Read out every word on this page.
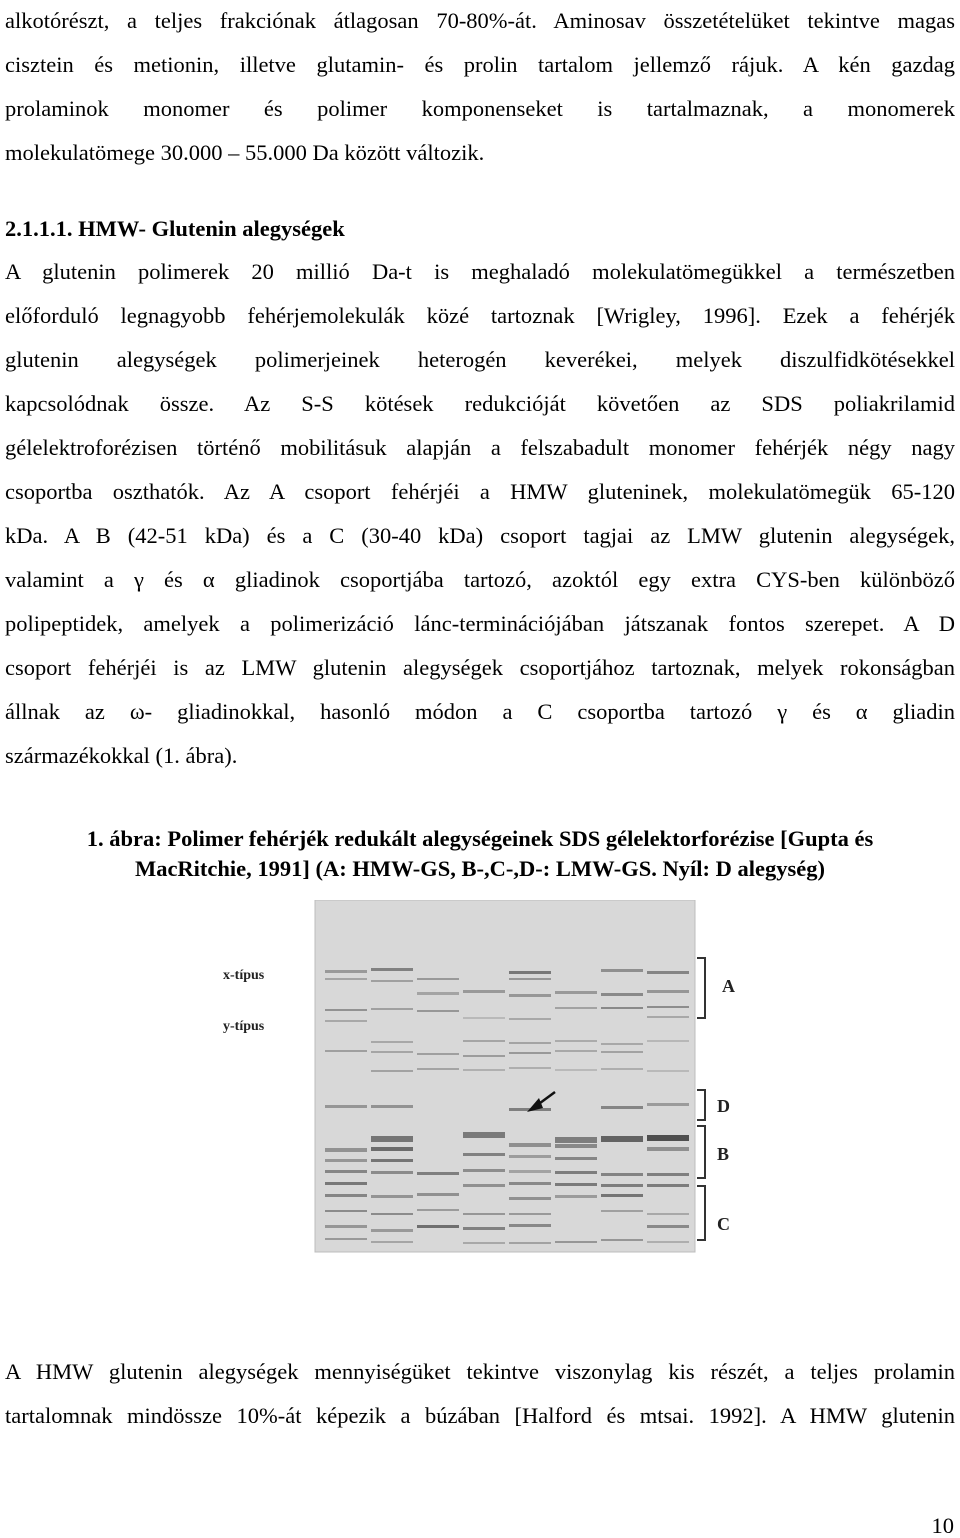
alkotórészt, a teljes frakciónak átlagosan 70-80%-át. Aminosav összetételüket tekintve magas
cisztein és metionin, illetve glutamin- és prolin tartalom jellemző rájuk. A kén gazdag
prolaminok monomer és polimer komponenseket is tartalmaznak, a monomerek
molekulatömege 30.000 – 55.000 Da között változik.
2.1.1.1. HMW- Glutenin alegységek
A glutenin polimerek 20 millió Da-t is meghaladó molekulatömegükkel a természetben
előforduló legnagyobb fehérjemolekulák közé tartoznak [Wrigley, 1996]. Ezek a fehérjék
glutenin alegységek polimerjeinek heterogén keverékei, melyek diszulfidkötésekkel
kapcsolódnak össze. Az S-S kötések redukcióját követően az SDS poliakrilamid
gélelektroforézisen történő mobilitásuk alapján a felszabadult monomer fehérjék négy nagy
csoportba oszthatók. Az A csoport fehérjéi a HMW gluteninek, molekulatömegük 65-120
kDa. A B (42-51 kDa) és a C (30-40 kDa) csoport tagjai az LMW glutenin alegységek,
valamint a γ és α gliadinok csoportjába tartozó, azoktól egy extra CYS-ben különböző
polipeptidek, amelyek a polimerizáció lánc-terminációjában játszanak fontos szerepet. A D
csoport fehérjéi is az LMW glutenin alegységek csoportjához tartoznak, melyek rokonságban
állnak az ω- gliadinokkal, hasonló módon a C csoportba tartozó γ és α gliadin
származékokkal (1. ábra).
1. ábra: Polimer fehérjék redukált alegységeinek SDS gélelektorforézise [Gupta és
MacRitchie, 1991] (A: HMW-GS, B-,C-,D-: LMW-GS. Nyíl: D alegység)
x-típus
y-típus
A
D
B
C
A HMW glutenin alegységek mennyiségüket tekintve viszonylag kis részét, a teljes prolamin
tartalomnak mindössze 10%-át képezik a búzában [Halford és mtsai. 1992]. A HMW glutenin
10
